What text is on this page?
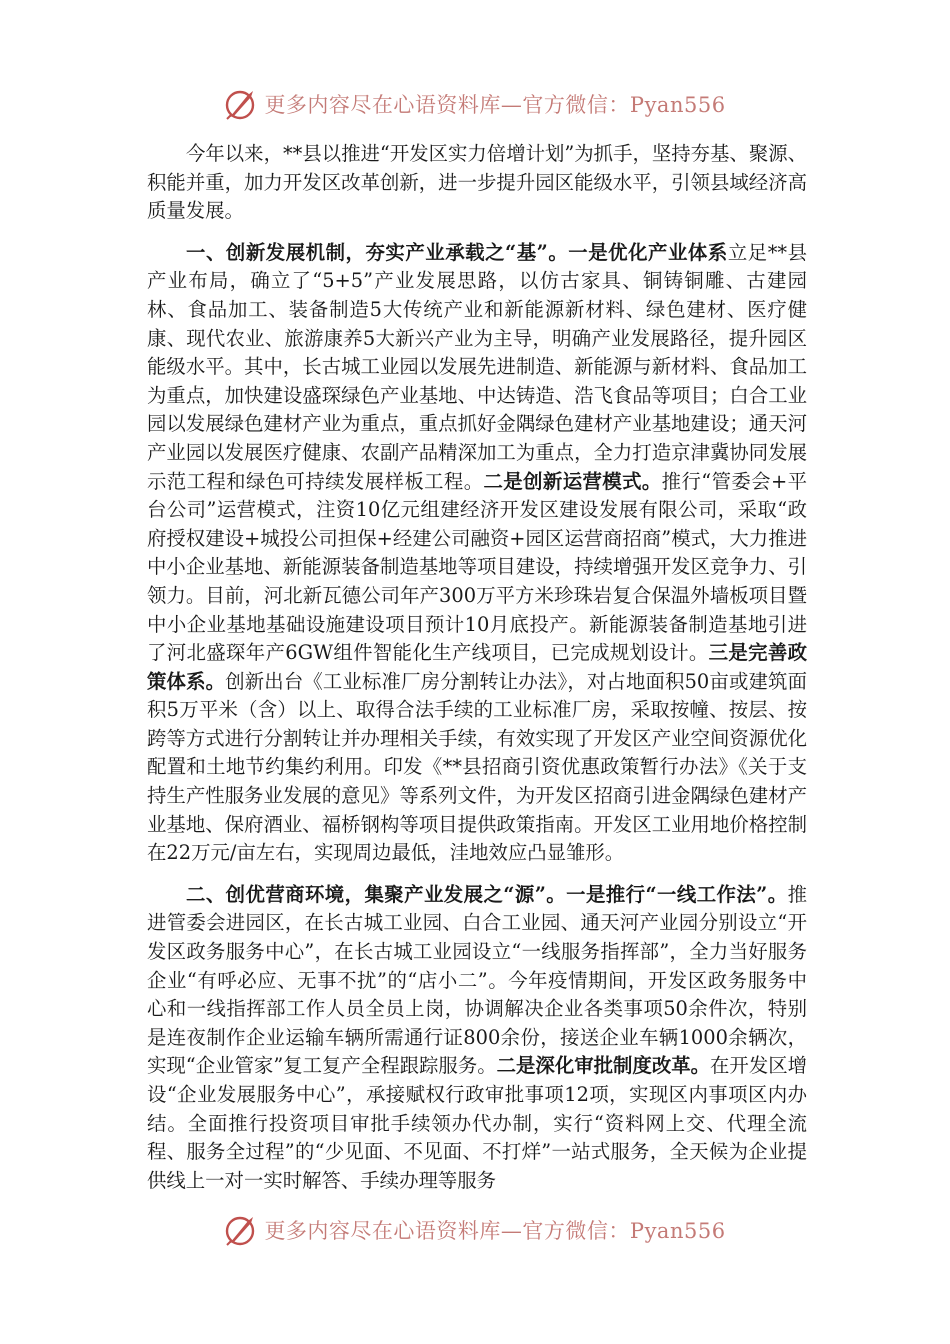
更多内容尽在心语资料库—官方微信：Pyan556

今年以来，**县以推进“开发区实力倍增计划”为抓手，坚持夯基、聚源、积能并重，加力开发区改革创新，进一步提升园区能级水平，引领县域经济高质量发展。

一、创新发展机制，夯实产业承载之“基”。一是优化产业体系立足**县产业布局，确立了“5+5”产业发展思路，以仿古家具、铜铸铜雕、古建园林、食品加工、装备制造5大传统产业和新能源新材料、绿色建材、医疗健康、现代农业、旅游康养5大新兴产业为主导，明确产业发展路径，提升园区能级水平。其中，长古城工业园以发展先进制造、新能源与新材料、食品加工为重点，加快建设盛琛绿色产业基地、中达铸造、浩飞食品等项目；白合工业园以发展绿色建材产业为重点，重点抓好金隅绿色建材产业基地建设；通天河产业园以发展医疗健康、农副产品精深加工为重点，全力打造京津冀协同发展示范工程和绿色可持续发展样板工程。二是创新运营模式。推行“管委会+平台公司”运营模式，注资10亿元组建经济开发区建设发展有限公司，采取“政府授权建设+城投公司担保+经建公司融资+园区运营商招商”模式，大力推进中小企业基地、新能源装备制造基地等项目建设，持续增强开发区竞争力、引领力。目前，河北新瓦德公司年产300万平方米珍珠岩复合保温外墙板项目暨中小企业基地基础设施建设项目预计10月底投产。新能源装备制造基地引进了河北盛琛年产6GW组件智能化生产线项目，已完成规划设计。三是完善政策体系。创新出台《工业标准厂房分割转让办法》，对占地面积50亩或建筑面积5万平米（含）以上、取得合法手续的工业标准厂房，采取按幢、按层、按跨等方式进行分割转让并办理相关手续，有效实现了开发区产业空间资源优化配置和土地节约集约利用。印发《**县招商引资优惠政策暂行办法》《关于支持生产性服务业发展的意见》等系列文件，为开发区招商引进金隅绿色建材产业基地、保府酒业、福桥钢构等项目提供政策指南。开发区工业用地价格控制在22万元/亩左右，实现周边最低，洼地效应凸显雏形。

二、创优营商环境，集聚产业发展之“源”。一是推行“一线工作法”。推进管委会进园区，在长古城工业园、白合工业园、通天河产业园分别设立“开发区政务服务中心”，在长古城工业园设立“一线服务指挥部”，全力当好服务企业“有呼必应、无事不扰”的“店小二”。今年疫情期间，开发区政务服务中心和一线指挥部工作人员全员上岗，协调解决企业各类事项50余件次，特别是连夜制作企业运输车辆所需通行证800余份，接送企业车辆1000余辆次，实现“企业管家”复工复产全程跟踪服务。二是深化审批制度改革。在开发区增设“企业发展服务中心”，承接赋权行政审批事项12项，实现区内事项区内办结。全面推行投资项目审批手续领办代办制，实行“资料网上交、代理全流程、服务全过程”的“少见面、不见面、不打烊”一站式服务，全天候为企业提供线上一对一实时解答、手续办理等服务

更多内容尽在心语资料库—官方微信：Pyan556
